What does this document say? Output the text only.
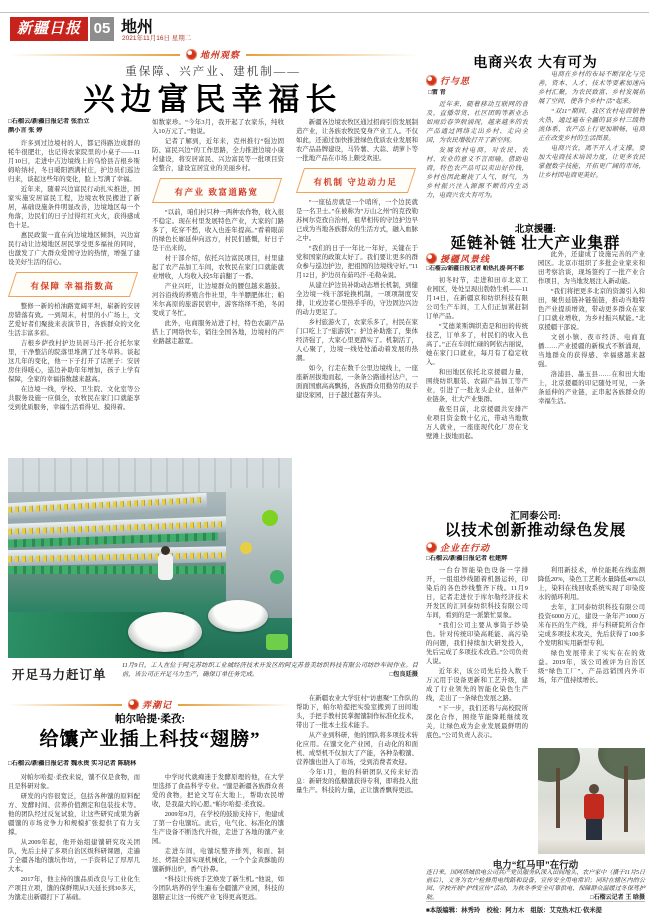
新疆日报 05 地州
2021年11月16日 星期二
地州观察
重保障、兴产业、建机制——
兴边富民幸福长
□石榴云/新疆日报记者 张治立
颜小言 张 婷

许多到过边境村的人，都记得路边成群的牦牛很肥壮，也记得农家院里的小桌子——11月10日，走进中吉边境线上的乌恰县吉根乡斯姆哈纳村，冬日暖阳洒满村庄，护边员们巡边归来，谈起这些年的变化，脸上写满了幸福。

近年来，随着兴边富民行动扎实推进，国家实施安居富民工程，边境农牧民搬进了新居，基础设施条件明显改善，边境地区每一个角落，边民们的日子过得红红火火，获得感成色十足。

惠民政策一直在向边境地区倾斜，兴边富民行动让边境地区居民享受更多福祉的同时，也激发了广大群众爱国守边的热情，增强了建设美好生活的信心。

有保障 幸福指数高

整修一新的柏油路宽阔平坦，崭新的安居房错落有致。一到周末，村里的小广场上，文艺爱好者们聚拢来表演节目，各族群众的文化生活丰富多彩。

吉根乡萨孜村护边员居马汗·托合托尔家里，干净整洁的院落里堆满了过冬草料。谈起这几年的变化，他一下子打开了话匣子：安居房住得暖心，巡边补助年年增加，孩子上学有保障，全家的幸福指数越来越高。

在边境一线，学校、卫生院、文化室等公共服务设施一应俱全，农牧民在家门口就能享受到优质服务，幸福生活看得见、摸得着。

如数家珍。“今年3月，我开起了农家乐，纯收入10万元了。”他说。

记者了解到，近年来，克州推行“强边固防、富民兴边”的工作思路，全力推进边境小康村建设，将安居富民、兴边富民等一批项目资金整合，建设宜居宜业的美丽乡村。

有产业 致富道路宽

“以前，咱们村只种一两种农作物，收入很不稳定。现在村里发展特色产业，大家的门路多了，吃穿不愁，收入也连年提高。”看着眼前的绿色长廊延伸向远方，村民们感慨，好日子是干出来的。

村干部介绍，依托兴边富民项目，村里建起了农产品加工车间，农牧民在家门口就能就业增收，人均收入较5年前翻了一番。

产业兴旺，让边境群众的腰包越来越鼓。河谷沿线的养殖合作社里，牛羊膘肥体壮；帕米尔高原的旅游民宿中，游客络绎不绝，冬闲变成了冬忙。

此外，电商服务站进了村，特色农副产品搭上了网络快车，销往全国各地，边境村的产业路越走越宽。

新疆各边境农牧区通过招商引资发展制造产业，让各族农牧民变身产业工人。不仅如此，还通过加快推进绿色优质农业发展和农产品品牌建设，马铃薯、大蒜、胡萝卜等一批地产品在市场上颇受欢迎。

有机制 守边动力足

“一座毡房就是一个哨所，一个边民就是一名卫士。”在被称为“万山之州”的克孜勒苏柯尔克孜自治州，祖辈相传的守边护边早已成为当地各族群众的生活方式，融入血脉之中。

“我们的日子一年比一年好，关键在于党和国家的政策太好了。我们要让更多的群众参与巡边护边，把祖国的边境线守好。”11月12日，护边员布茹玛汗·毛勒朵说。

从建立护边员补助动态增长机制，到健全边境一线干部轮换机制，一项项制度安排，让戍边者心里热乎乎的，守边固边兴边的动力更足了。

乡村旅游火了，农家乐多了，村民在家门口吃上了“旅游饭”；护边补助涨了，集体经济强了，大家心里更踏实了。机制活了，人心聚了，边境一线处处涌动着发展的热潮。

如今，行走在数千公里边境线上，一座座新居拔地而起，一条条公路通村达户，一面面国旗高高飘扬，各族群众用勤劳的双手建设家园，日子越过越有奔头。

开足马力赶订单
11月9日，工人在位于阿克苏纺织工业城经济技术开发区的阿克苏普美纺织科技有限公司纺纱车间作业。目前，该公司正开足马力生产，确保订单任务完成。	□包良廷摄
弄潮记
帕尔哈提·柔孜:
给馕产业插上科技“翅膀”
□石榴云/新疆日报记者 魏永贵 实习记者 陈晓林

对帕尔哈提·柔孜来说，馕不仅是食物，而且是科研对象。

研发的内容很宽泛，包括各种馕的原料配方、发酵时间、营养价值测定和包装技术等。他的团队经过反复试验，让这些研究成果为新疆馕的市场竞争力和规模扩张提供了有力支撑。

从2009年起，他开始组建馕研究攻关团队，先后主持了多项自治区级科研课题，走遍了全疆各地的馕坑作坊，一手资料记了厚厚几大本。

2017年，他主持的馕品质改良与工业化生产项目立项，馕的保鲜期从3天延长到30多天，为馕走出新疆打下了基础。

中学时代就痴迷于发酵原理的他，在大学里选择了食品科学专业。“馕是新疆各族群众喜爱的食物，把论文写在大地上，帮助农民增收，是我最大的心愿。”帕尔哈提·柔孜说。

2009年9月，在学校的鼓励支持下，他建成了第一台电馕坑。此后，电气化、标准化的馕生产设备不断迭代升级，走进了各地的馕产业园。

走进车间，电馕坑整齐排列，和面、制坯、烤制全部实现机械化，一个个金黄酥脆的馕新鲜出炉，香气扑鼻。

“科技让传统手艺焕发了新生机。”他说，如今团队培养的学生遍布全疆馕产业园，科技的翅膀正让这一传统产业飞得更高更远。

在新疆农业大学驻村“访惠聚”工作队的帮助下，帕尔哈提把实验室搬到了田间地头，手把手教村民掌握馕制作标准化技术，带出了一批本土技术能手。

从产业到科研，他的团队将多项技术转化应用。在馕文化产业园，自动化的和面机、成型机不仅加大了产能，各种杂粮馕、营养馕也进入了市场，受到消费者欢迎。

今年1月，他的科研团队又传来好消息：新研发的低糖馕获得专利，即将投入批量生产。科技的力量，正让馕香飘得更远。

电商兴农 大有可为
行与思
□雷 青

近年来，随着移动互联网的普及，直播带货、社区团购等新业态如雨后春笋般涌现，越来越多的农产品通过网络走出乡村、走向全国，为农民增收打开了新空间。

发展农村电商，对农民、农村、农业的意义不言而喻。借助电商，特色农产品可以卖出好价钱，乡村也因此聚拢了人气、财气，为乡村振兴注入源源不断的内生动力，电商兴农大有可为。

电商在乡村的布局不断深化与完善，资本、人才、技术等要素加速向乡村汇聚，为农民致富、乡村发展拓展了空间，使各个乡村“活”起来。

“双11”期间，我区农村电商销售火热，通过遍布全疆的县乡村三级物流体系，农产品上行更加顺畅，电商正在改变乡村的生活图景。

电商兴农，离不开人才支撑。要加大电商技术培训力度，让更多农民掌握数字技能，开拓更广阔的市场，让乡村因电商更美好。

北京援疆:
延链补链 壮大产业集群
援疆风景线
□石榴云/新疆日报记者 帕热扎提·阿不都

初冬时节，走进和田市北京工业园区，处处呈现出勃勃生机——11月14日，在新疆京和纺织科技有限公司生产车间，工人们正加紧赶制订单产品。

“艾德莱斯绸织造是和田的传统技艺，订单多了，村民们的收入也高了。”正在车间忙碌的阿依古丽说，她在家门口就业，每月有了稳定收入。

和田地区依托北京援疆力量，围绕纺织服装、农副产品加工等产业，引进了一批龙头企业，延伸产业链条，壮大产业集群。

截至目前，北京援疆共安排产业项目资金数十亿元，带动当地数万人就业，一座座现代化厂房在戈壁滩上拔地而起。

此外，还建成了设施完善的产业园区。北京市组织了多批企业家来和田考察洽谈，现场签约了一批产业合作项目，为当地发展注入新动能。

“我们将把更多北京的资源引入和田，聚焦延链补链强链，推动当地特色产业提质增效，带动更多群众在家门口就业增收，为乡村振兴赋能。”北京援疆干部说。

文创小镇、夜市经济、电商直播……产业援疆的新模式不断涌现，当地群众的获得感、幸福感越来越强。

洛浦县、墨玉县……在和田大地上，北京援疆的印记随处可见，一条条延伸的产业链，正串起各族群众的幸福生活。

汇同泰公司:
以技术创新推动绿色发展
企业在行动
□石榴云/新疆日报记者 杜建辉

一台台智能染色设备一字排开，一组组纱线随着机器运转，印染后的各色纱线整齐下线。11月9日，记者走进位于库尔勒经济技术开发区的汇同泰纺织科技有限公司车间，看到的是一派繁忙景象。

“我们公司主要从事筒子纱染色。针对传统印染高耗能、高污染的问题，我们持续加大研发投入，先后完成了多项技术改造。”公司负责人说。

近年来，该公司先后投入数千万元用于设备更新和工艺升级，建成了行业领先的智能化染色生产线，走出了一条绿色发展之路。

“下一步，我们还将与高校院所深化合作，围绕节能降耗继续攻关，让绿色成为企业发展最鲜明的底色。”公司负责人表示。

利用新技术，单位能耗在线监测降低20%，染色工艺耗水量降低40%以上，染料在线回收系统实现了印染废水的循环利用。

去年，汇同泰纺织科技有限公司投资6000万元，建设一条年产1000万米布匹的生产线，并与科研院所合作完成多项技术攻关，先后获得了100多个发明和实用新型专利。

绿色发展带来了实实在在的效益。2019年，该公司被评为自治区级“绿色工厂”，产品远销国内外市场，年产值持续增长。

电力“红马甲”在行动
连日来，国网塔城供电公司共产党员服务队深入田间地头、农户家中（摄于11月5日前后），义务为农户检修用电线路和设备，宣传安全用电常识；同时在辖区内的公园、学校开展“护线宣传”活动，为秋冬季安全可靠供电、保障群众温暖过冬保驾护航。	□石榴云记者 王 晗摄
■本版编辑：林秀玲　校检：阿力木　组版：艾克热木江·依米提
